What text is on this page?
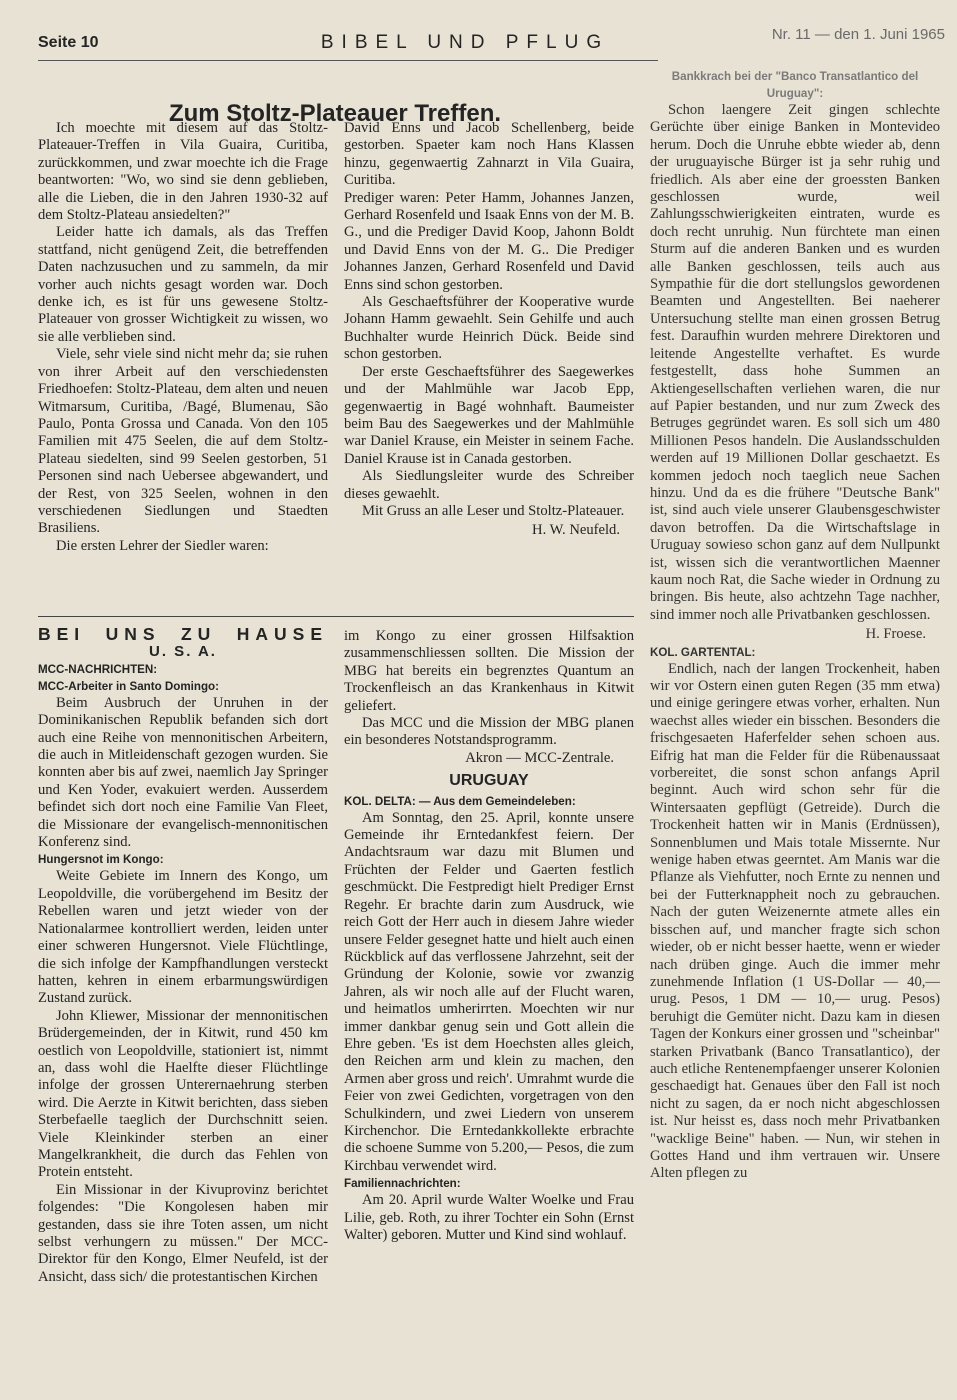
Seite 10	BIBEL UND PFLUG	Nr. 11 — den 1. Juni 1965
Zum Stoltz-Plateauer Treffen.

Ich moechte mit diesem auf das Stoltz-Plateauer-Treffen in Vila Guaira, Curitiba, zurückkommen, und zwar moechte ich die Frage beantworten: "Wo, wo sind sie denn geblieben, alle die Lieben, die in den Jahren 1930-32 auf dem Stoltz-Plateau ansiedelten?"

Leider hatte ich damals, als das Treffen stattfand, nicht genügend Zeit, die betreffenden Daten nachzusuchen und zu sammeln, da mir vorher auch nichts gesagt worden war. Doch denke ich, es ist für uns gewesene Stoltz-Plateauer von grosser Wichtigkeit zu wissen, wo sie alle verblieben sind.

Viele, sehr viele sind nicht mehr da; sie ruhen von ihrer Arbeit auf den verschiedensten Friedhoefen: Stoltz-Plateau, dem alten und neuen Witmarsum, Curitiba, /Bagé, Blumenau, São Paulo, Ponta Grossa und Canada. Von den 105 Familien mit 475 Seelen, die auf dem Stoltz-Plateau siedelten, sind 99 Seelen gestorben, 51 Personen sind nach Uebersee abgewandert, und der Rest, von 325 Seelen, wohnen in den verschiedenen Siedlungen und Staedten Brasiliens.

Die ersten Lehrer der Siedler waren:

David Enns und Jacob Schellenberg, beide gestorben. Spaeter kam noch Hans Klassen hinzu, gegenwaertig Zahnarzt in Vila Guaira, Curitiba.

Prediger waren: Peter Hamm, Johannes Janzen, Gerhard Rosenfeld und Isaak Enns von der M. B. G., und die Prediger David Koop, Jahonn Boldt und David Enns von der M. G.. Die Prediger Johannes Janzen, Gerhard Rosenfeld und David Enns sind schon gestorben.

Als Geschaeftsführer der Kooperative wurde Johann Hamm gewaehlt. Sein Gehilfe und auch Buchhalter wurde Heinrich Dück. Beide sind schon gestorben.

Der erste Geschaeftsführer des Saegewerkes und der Mahlmühle war Jacob Epp, gegenwaertig in Bagé wohnhaft. Baumeister beim Bau des Saegewerkes und der Mahlmühle war Daniel Krause, ein Meister in seinem Fache. Daniel Krause ist in Canada gestorben.

Als Siedlungsleiter wurde des Schreiber dieses gewaehlt.

Mit Gruss an alle Leser und Stoltz-Plateauer.

H. W. Neufeld.
BEI UNS ZU HAUSE
U. S. A.
MCC-NACHRICHTEN:
MCC-Arbeiter in Santo Domingo:

Beim Ausbruch der Unruhen in der Dominikanischen Republik befanden sich dort auch eine Reihe von mennonitischen Arbeitern, die auch in Mitleidenschaft gezogen wurden. Sie konnten aber bis auf zwei, naemlich Jay Springer und Ken Yoder, evakuiert werden. Ausserdem befindet sich dort noch eine Familie Van Fleet, die Missionare der evangelisch-mennonitischen Konferenz sind.

Hungersnot im Kongo:

Weite Gebiete im Innern des Kongo, um Leopoldville, die vorübergehend im Besitz der Rebellen waren und jetzt wieder von der Nationalarmee kontrolliert werden, leiden unter einer schweren Hungersnot. Viele Flüchtlinge, die sich infolge der Kampfhandlungen versteckt hatten, kehren in einem erbarmungswürdigen Zustand zurück.

John Kliewer, Missionar der mennonitischen Brüdergemeinden, der in Kitwit, rund 450 km oestlich von Leopoldville, stationiert ist, nimmt an, dass wohl die Haelfte dieser Flüchtlinge infolge der grossen Unterernaehrung sterben wird. Die Aerzte in Kitwit berichten, dass sieben Sterbefaelle taeglich der Durchschnitt seien. Viele Kleinkinder sterben an einer Mangelkrankheit, die durch das Fehlen von Protein entsteht.

Ein Missionar in der Kivuprovinz berichtet folgendes: "Die Kongolesen haben mir gestanden, dass sie ihre Toten assen, um nicht selbst verhungern zu müssen." Der MCC-Direktor für den Kongo, Elmer Neufeld, ist der Ansicht, dass sich/ die protestantischen Kirchen

im Kongo zu einer grossen Hilfsaktion zusammenschliessen sollten. Die Mission der MBG hat bereits ein begrenztes Quantum an Trockenfleisch an das Krankenhaus in Kitwit geliefert.

Das MCC und die Mission der MBG planen ein besonderes Notstandsprogramm.

Akron — MCC-Zentrale.
URUGUAY
KOL. DELTA: — Aus dem Gemeindeleben:

Am Sonntag, den 25. April, konnte unsere Gemeinde ihr Erntedankfest feiern. Der Andachtsraum war dazu mit Blumen und Früchten der Felder und Gaerten festlich geschmückt. Die Festpredigt hielt Prediger Ernst Regehr. Er brachte darin zum Ausdruck, wie reich Gott der Herr auch in diesem Jahre wieder unsere Felder gesegnet hatte und hielt auch einen Rückblick auf das verflossene Jahrzehnt, seit der Gründung der Kolonie, sowie vor zwanzig Jahren, als wir noch alle auf der Flucht waren, und heimatlos umherirrten. Moechten wir nur immer dankbar genug sein und Gott allein die Ehre geben. 'Es ist dem Hoechsten alles gleich, den Reichen arm und klein zu machen, den Armen aber gross und reich'. Umrahmt wurde die Feier von zwei Gedichten, vorgetragen von den Schulkindern, und zwei Liedern von unserem Kirchenchor. Die Erntedankkollekte erbrachte die schoene Summe von 5.200,— Pesos, die zum Kirchbau verwendet wird.

Familiennachrichten:

Am 20. April wurde Walter Woelke und Frau Lilie, geb. Roth, zu ihrer Tochter ein Sohn (Ernst Walter) geboren. Mutter und Kind sind wohlauf.

Bankkrach bei der "Banco Transatlantico del Uruguay":

Schon laengere Zeit gingen schlechte Gerüchte über einige Banken in Montevideo herum. Doch die Unruhe ebbte wieder ab, denn der uruguayische Bürger ist ja sehr ruhig und friedlich. Als aber eine der groessten Banken geschlossen wurde, weil Zahlungsschwierigkeiten eintraten, wurde es doch recht unruhig. Nun fürchtete man einen Sturm auf die anderen Banken und es wurden alle Banken geschlossen, teils auch aus Sympathie für die dort stellungslos gewordenen Beamten und Angestellten. Bei naeherer Untersuchung stellte man einen grossen Betrug fest. Daraufhin wurden mehrere Direktoren und leitende Angestellte verhaftet. Es wurde festgestellt, dass hohe Summen an Aktiengesellschaften verliehen waren, die nur auf Papier bestanden, und nur zum Zweck des Betruges gegründet waren. Es soll sich um 480 Millionen Pesos handeln. Die Auslandsschulden werden auf 19 Millionen Dollar geschaetzt. Es kommen jedoch noch taeglich neue Sachen hinzu. Und da es die frühere "Deutsche Bank" ist, sind auch viele unserer Glaubensgeschwister davon betroffen. Da die Wirtschaftslage in Uruguay sowieso schon ganz auf dem Nullpunkt ist, wissen sich die verantwortlichen Maenner kaum noch Rat, die Sache wieder in Ordnung zu bringen. Bis heute, also achtzehn Tage nachher, sind immer noch alle Privatbanken geschlossen.

H. Froese.
KOL. GARTENTAL:

Endlich, nach der langen Trockenheit, haben wir vor Ostern einen guten Regen (35 mm etwa) und einige geringere etwas vorher, erhalten. Nun waechst alles wieder ein bisschen. Besonders die frischgesaeten Haferfelder sehen schoen aus. Eifrig hat man die Felder für die Rübenaussaat vorbereitet, die sonst schon anfangs April beginnt. Auch wird schon sehr für die Wintersaaten gepflügt (Getreide). Durch die Trockenheit hatten wir in Manis (Erdnüssen), Sonnenblumen und Mais totale Missernte. Nur wenige haben etwas geerntet. Am Manis war die Pflanze als Viehfutter, noch Ernte zu nennen und bei der Futterknappheit noch zu gebrauchen. Nach der guten Weizenernte atmete alles ein bisschen auf, und mancher fragte sich schon wieder, ob er nicht besser haette, wenn er wieder nach drüben ginge. Auch die immer mehr zunehmende Inflation (1 US-Dollar — 40,— urug. Pesos, 1 DM — 10,— urug. Pesos) beruhigt die Gemüter nicht. Dazu kam in diesen Tagen der Konkurs einer grossen und "scheinbar" starken Privatbank (Banco Transatlantico), der auch etliche Rentenempfaenger unserer Kolonien geschaedigt hat. Genaues über den Fall ist noch nicht zu sagen, da er noch nicht abgeschlossen ist. Nur heisst es, dass noch mehr Privatbanken "wacklige Beine" haben. — Nun, wir stehen in Gottes Hand und ihm vertrauen wir. Unsere Alten pflegen zu
